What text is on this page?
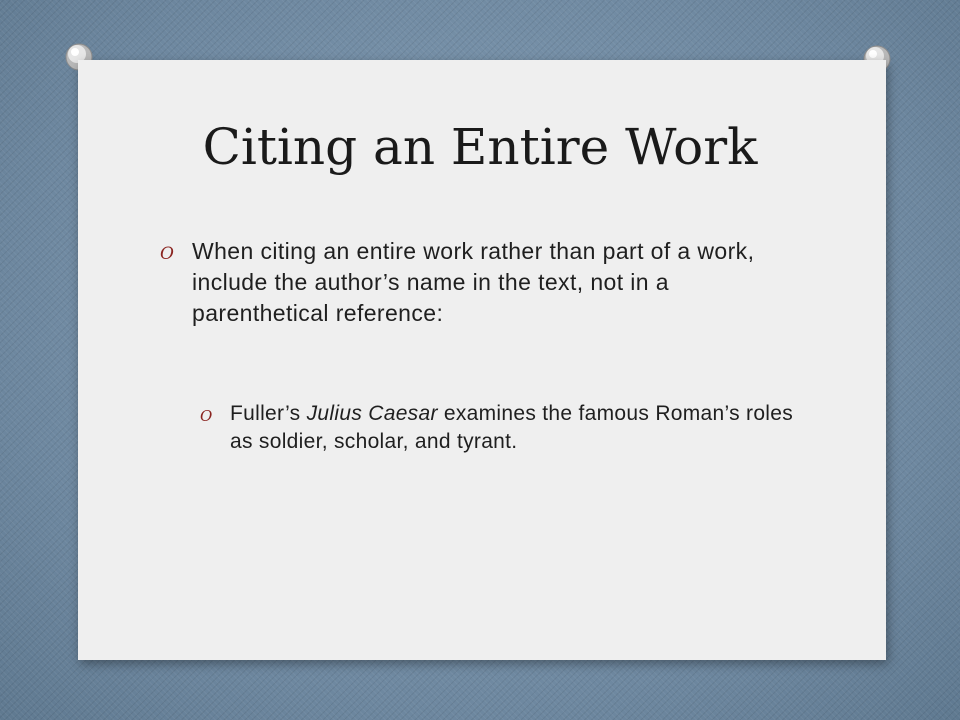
Citing an Entire Work
O When citing an entire work rather than part of a work, include the author’s name in the text, not in a parenthetical reference:
O Fuller’s Julius Caesar examines the famous Roman’s roles as soldier, scholar, and tyrant.
